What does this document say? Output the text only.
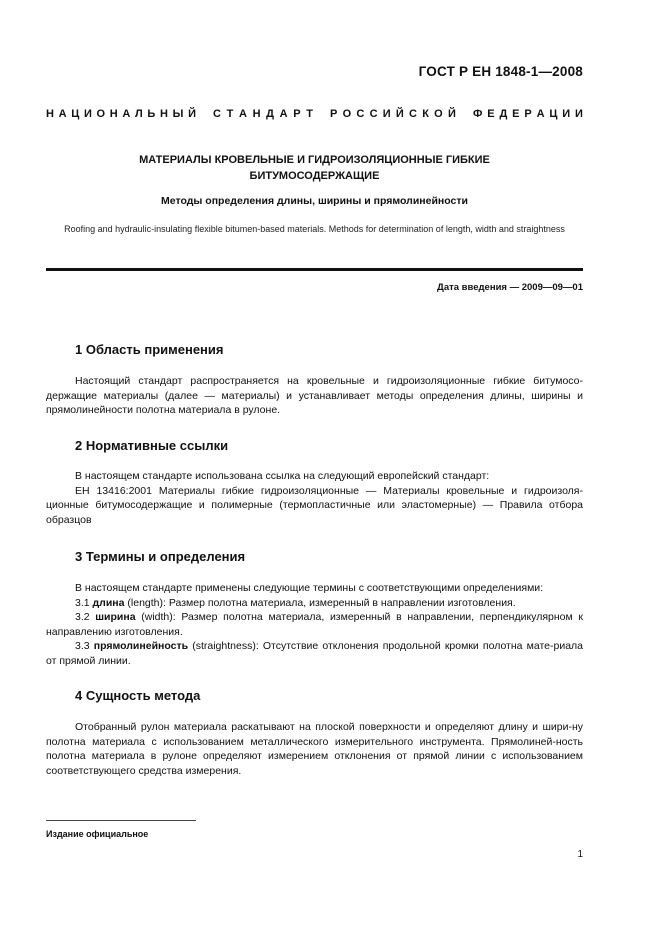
ГОСТ Р ЕН 1848-1—2008
Н А Ц И О Н А Л Ь Н Ы Й С Т А Н Д А Р Т Р О С С И Й С К О Й Ф Е Д Е Р А Ц И И
МАТЕРИАЛЫ КРОВЕЛЬНЫЕ И ГИДРОИЗОЛЯЦИОННЫЕ ГИБКИЕ
БИТУМОСОДЕРЖАЩИЕ
Методы определения длины, ширины и прямолинейности
Roofing and hydraulic-insulating flexible bitumen-based materials. Methods for determination of length, width and straightness
Дата введения — 2009—09—01
1 Область применения

Настоящий стандарт распространяется на кровельные и гидроизоляционные гибкие битумосо-держащие материалы (далее — материалы) и устанавливает методы определения длины, ширины и прямолинейности полотна материала в рулоне.

2 Нормативные ссылки

В настоящем стандарте использована ссылка на следующий европейский стандарт:

ЕН 13416:2001 Материалы гибкие гидроизоляционные — Материалы кровельные и гидроизоля-ционные битумосодержащие и полимерные (термопластичные или эластомерные) — Правила отбора образцов

3 Термины и определения

В настоящем стандарте применены следующие термины с соответствующими определениями:

3.1 длина (length): Размер полотна материала, измеренный в направлении изготовления.

3.2 ширина (width): Размер полотна материала, измеренный в направлении, перпендикулярном к направлению изготовления.

3.3 прямолинейность (straightness): Отсутствие отклонения продольной кромки полотна мате-риала от прямой линии.

4 Сущность метода

Отобранный рулон материала раскатывают на плоской поверхности и определяют длину и шири-ну полотна материала с использованием металлического измерительного инструмента. Прямолиней-ность полотна материала в рулоне определяют измерением отклонения от прямой линии с использованием соответствующего средства измерения.

Издание официальное
1
